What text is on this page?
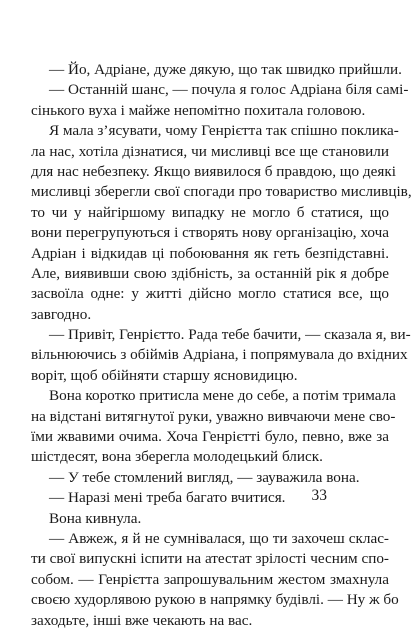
— Йо, Адріане, дуже дякую, що так швидко прийшли.
— Останній шанс, — почула я голос Адріана біля самі-
сінького вуха і майже непомітно похитала головою.
Я мала з’ясувати, чому Генрієтта так спішно поклика-
ла нас, хотіла дізнатися, чи мисливці все ще становили
для нас небезпеку. Якщо виявилося б правдою, що деякі
мисливці зберегли свої спогади про товариство мисливців,
то чи у найгіршому випадку не могло б статися, що
вони перегрупуються і створять нову організацію, хоча
Адріан і відкидав ці побоювання як геть безпідставні.
Але, виявивши свою здібність, за останній рік я добре
засвоїла одне: у житті дійсно могло статися все, що
завгодно.
— Привіт, Генрієтто. Рада тебе бачити, — сказала я, ви-
вільнюючись з обіймів Адріана, і попрямувала до вхідних
воріт, щоб обійняти старшу ясновидицю.
Вона коротко притисла мене до себе, а потім тримала
на відстані витягнутої руки, уважно вивчаючи мене сво-
їми жвавими очима. Хоча Генрієтті було, певно, вже за
шістдесят, вона зберегла молодецький блиск.
— У тебе стомлений вигляд, — зауважила вона.
— Наразі мені треба багато вчитися.
Вона кивнула.
— Авжеж, я й не сумнівалася, що ти захочеш склас-
ти свої випускні іспити на атестат зрілості чесним спо-
собом. — Генрієтта запрошувальним жестом змахнула
своєю худорлявою рукою в напрямку будівлі. — Ну ж бо
заходьте, інші вже чекають на вас.
33
